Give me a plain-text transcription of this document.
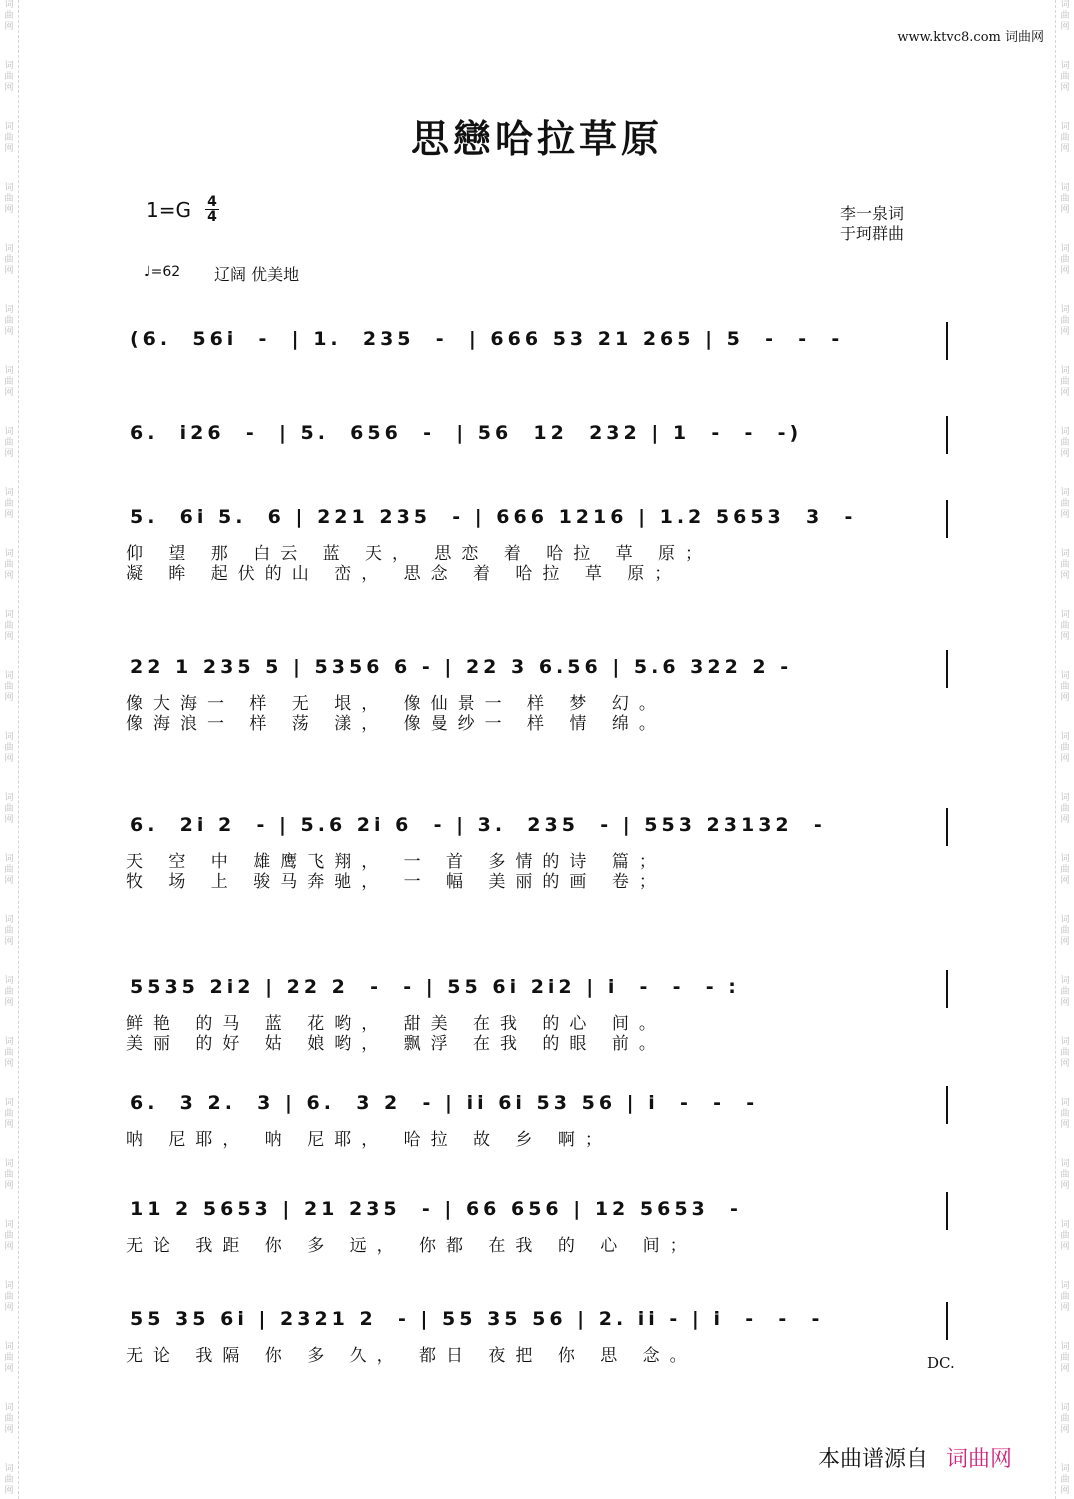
词曲网
词曲网
词曲网
词曲网
词曲网
词曲网
词曲网
词曲网
词曲网
词曲网
词曲网
词曲网
词曲网
词曲网
词曲网
词曲网
词曲网
词曲网
词曲网
词曲网
词曲网
词曲网
词曲网
词曲网
词曲网
词曲网
词曲网
词曲网
词曲网
词曲网
词曲网
词曲网
词曲网
词曲网
词曲网
词曲网
词曲网
词曲网
词曲网
词曲网
词曲网
词曲网
词曲网
词曲网
词曲网
词曲网
词曲网
词曲网
词曲网
词曲网
www.ktvc8.com 词曲网
思戀哈拉草原
1=G 4
4	李一泉词
于珂群曲
♩=62 辽阔 优美地
(6.  56i  -  | 1.  235  -  | 666 53 21 265 | 5  -  -  -
6.  i26  -  | 5.  656  -  | 56  12  232 | 1  -  -  -)
5.  6i 5.  6 | 221 235  - | 666 1216 | 1.2 5653  3  -
仰 望 那 白云 蓝 天， 思恋 着 哈拉 草 原；
凝 眸 起伏的山 峦， 思念 着 哈拉 草 原；
22 1 235 5 | 5356 6 - | 22 3 6.56 | 5.6 322 2 -
像大海一 样 无 垠， 像仙景一 样 梦 幻。
像海浪一 样 荡 漾， 像曼纱一 样 情 绵。
6.  2i 2  - | 5.6 2i 6  - | 3.  235  - | 553 23132  -
天 空 中 雄鹰飞翔， 一 首 多情的诗 篇；
牧 场 上 骏马奔驰， 一 幅 美丽的画 卷；
5535 2i2 | 22 2  -  - | 55 6i 2i2 | i  -  -  - :
鲜艳 的马 蓝 花哟， 甜美 在我 的心 间。
美丽 的好 姑 娘哟， 飘浮 在我 的眼 前。
6.  3 2.  3 | 6.  3 2  - | ii 6i 53 56 | i  -  -  -
呐 尼耶， 呐 尼耶， 哈拉 故 乡 啊；
11 2 5653 | 21 235  - | 66 656 | 12 5653  -
无论 我距 你 多 远， 你都 在我 的 心 间；
55 35 6i | 2321 2  - | 55 35 56 | 2. ii - | i  -  -  -
无论 我隔 你 多 久， 都日 夜把 你 思 念。	DC.
本曲谱源自 词曲网
